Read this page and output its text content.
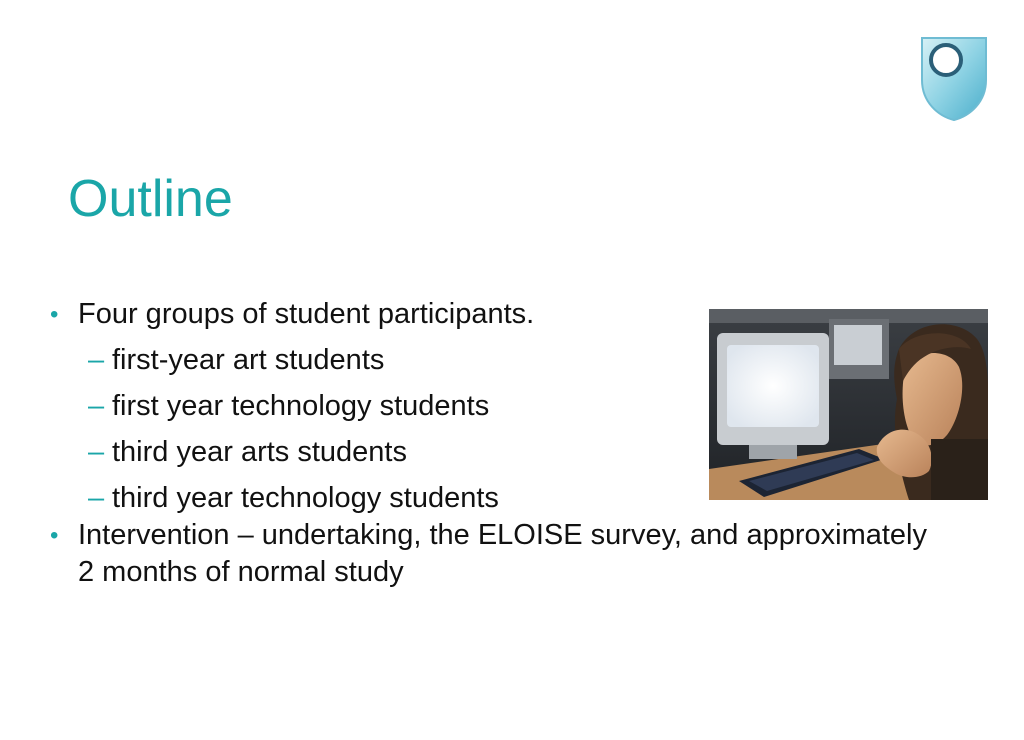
Outline
• Four groups of student participants.
– first-year art students
– first year technology students
– third year arts students
– third year technology students
• Intervention – undertaking, the ELOISE survey, and approximately 2 months of normal study
